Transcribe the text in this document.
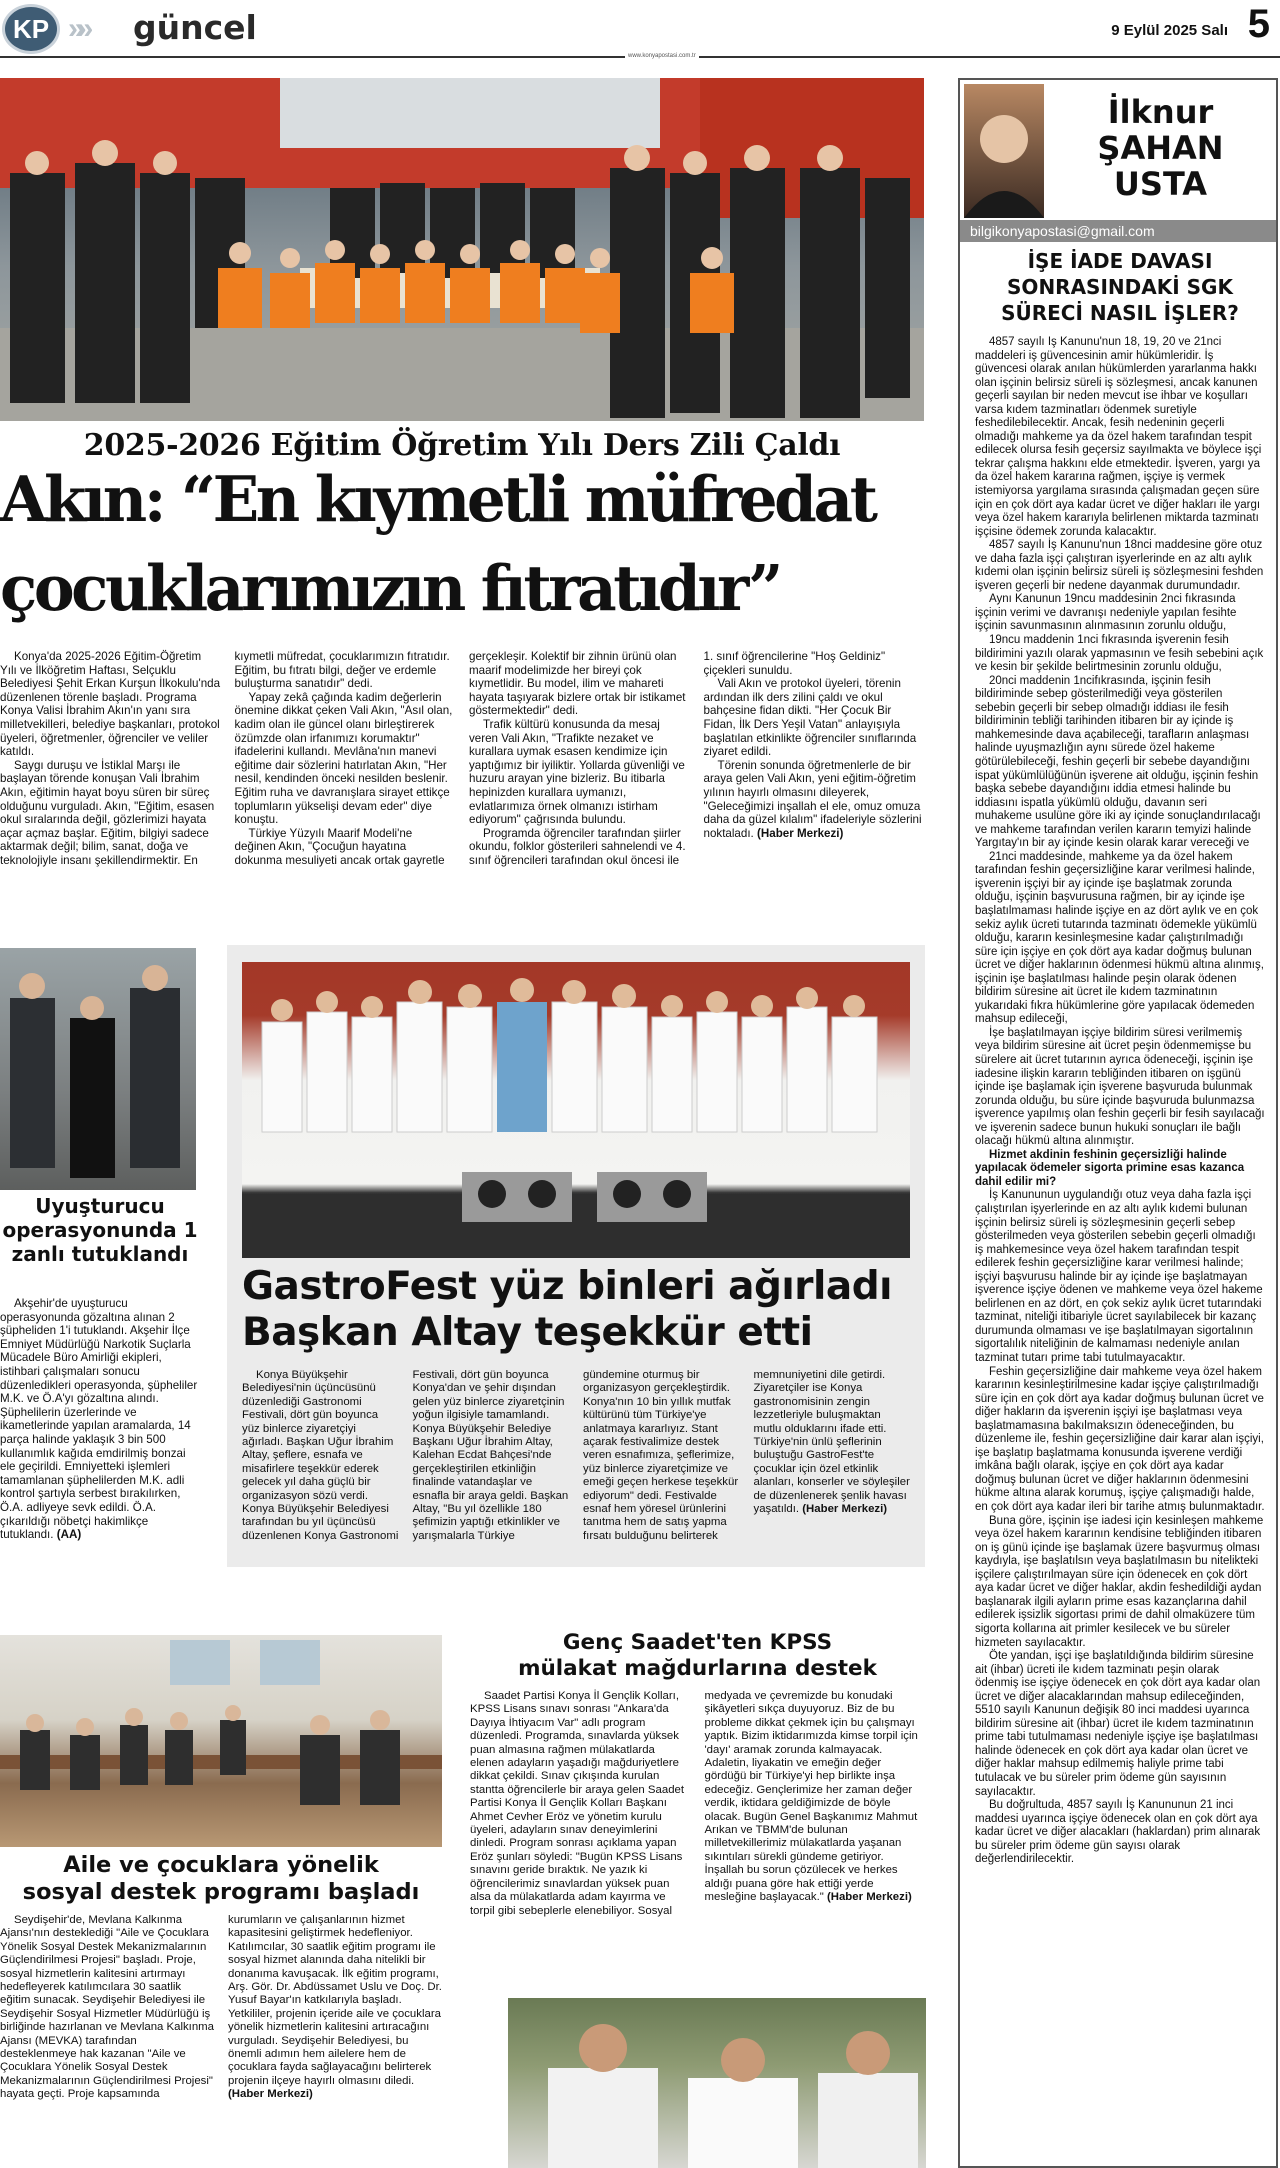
KP »» güncel	9 Eylül 2025 Salı 5
www.konyapostasi.com.tr
2025-2026 Eğitim Öğretim Yılı Ders Zili Çaldı
Akın: “En kıymetli müfredat
çocuklarımızın fıtratıdır”

Konya'da 2025-2026 Eğitim-Öğretim Yılı ve İlköğretim Haftası, Selçuklu Belediyesi Şehit Erkan Kurşun İlkokulu'nda düzenlenen törenle başladı. Programa Konya Valisi İbrahim Akın'ın yanı sıra milletvekilleri, belediye başkanları, protokol üyeleri, öğretmenler, öğrenciler ve veliler katıldı.

Saygı duruşu ve İstiklal Marşı ile başlayan törende konuşan Vali İbrahim Akın, eğitimin hayat boyu süren bir süreç olduğunu vurguladı. Akın, "Eğitim, esasen okul sıralarında değil, gözlerimizi hayata açar açmaz başlar. Eğitim, bilgiyi sadece aktarmak değil; bilim, sanat, doğa ve teknolojiyle insanı şekillendirmektir. En kıymetli müfredat, çocuklarımızın fıtratıdır. Eğitim, bu fıtratı bilgi, değer ve erdemle buluşturma sanatıdır" dedi.

Yapay zekâ çağında kadim değerlerin önemine dikkat çeken Vali Akın, "Asıl olan, kadim olan ile güncel olanı birleştirerek özümzde olan irfanımızı korumaktır" ifadelerini kullandı. Mevlâna'nın manevi eğitime dair sözlerini hatırlatan Akın, "Her nesil, kendinden önceki nesilden beslenir. Eğitim ruha ve davranışlara sirayet ettikçe toplumların yükselişi devam eder" diye konuştu.

Türkiye Yüzyılı Maarif Modeli'ne değinen Akın, "Çocuğun hayatına dokunma mesuliyeti ancak ortak gayretle gerçekleşir. Kolektif bir zihnin ürünü olan maarif modelimizde her bireyi çok kıymetlidir. Bu model, ilim ve mahareti hayata taşıyarak bizlere ortak bir istikamet göstermektedir" dedi.

Trafik kültürü konusunda da mesaj veren Vali Akın, "Trafikte nezaket ve kurallara uymak esasen kendimize için yaptığımız bir iyiliktir. Yollarda güvenliği ve huzuru arayan yine bizleriz. Bu itibarla hepinizden kurallara uymanızı, evlatlarımıza örnek olmanızı istirham ediyorum" çağrısında bulundu.

Programda öğrenciler tarafından şiirler okundu, folklor gösterileri sahnelendi ve 4. sınıf öğrencileri tarafından okul öncesi ile 1. sınıf öğrencilerine "Hoş Geldiniz" çiçekleri sunuldu.

Vali Akın ve protokol üyeleri, törenin ardından ilk ders zilini çaldı ve okul bahçesine fidan dikti. "Her Çocuk Bir Fidan, İlk Ders Yeşil Vatan" anlayışıyla başlatılan etkinlikte öğrenciler sınıflarında ziyaret edildi.

Törenin sonunda öğretmenlerle de bir araya gelen Vali Akın, yeni eğitim-öğretim yılının hayırlı olmasını dileyerek, "Geleceğimizi inşallah el ele, omuz omuza daha da güzel kılalım" ifadeleriyle sözlerini noktaladı. (Haber Merkezi)

İlknur
ŞAHAN
USTA
bilgikonyapostasi@gmail.com
İŞE İADE DAVASI SONRASINDAKİ SGK SÜRECİ NASIL İŞLER?

4857 sayılı İş Kanunu'nun 18, 19, 20 ve 21nci maddeleri iş güvencesinin amir hükümleridir. İş güvencesi olarak anılan hükümlerden yararlanma hakkı olan işçinin belirsiz süreli iş sözleşmesi, ancak kanunen geçerli sayılan bir neden mevcut ise ihbar ve koşulları varsa kıdem tazminatları ödenmek suretiyle feshedilebilecektir. Ancak, fesih nedeninin geçerli olmadığı mahkeme ya da özel hakem tarafından tespit edilecek olursa fesih geçersiz sayılmakta ve böylece işçi tekrar çalışma hakkını elde etmektedir. İşveren, yargı ya da özel hakem kararına rağmen, işçiye iş vermek istemiyorsa yargılama sırasında çalışmadan geçen süre için en çok dört aya kadar ücret ve diğer hakları ile yargı veya özel hakem kararıyla belirlenen miktarda tazminatı işçisine ödemek zorunda kalacaktır.

4857 sayılı İş Kanunu'nun 18nci maddesine göre otuz ve daha fazla işçi çalıştıran işyerlerinde en az altı aylık kıdemi olan işçinin belirsiz süreli iş sözleşmesini feshden işveren geçerli bir nedene dayanmak durumundadır.

Aynı Kanunun 19ncu maddesinin 2nci fıkrasında işçinin verimi ve davranışı nedeniyle yapılan fesihte işçinin savunmasının alınmasının zorunlu olduğu,

19ncu maddenin 1nci fıkrasında işverenin fesih bildirimini yazılı olarak yapmasının ve fesih sebebini açık ve kesin bir şekilde belirtmesinin zorunlu olduğu,

20nci maddenin 1ncifıkrasında, işçinin fesih bildiriminde sebep gösterilmediği veya gösterilen sebebin geçerli bir sebep olmadığı iddiası ile fesih bildiriminin tebliği tarihinden itibaren bir ay içinde iş mahkemesinde dava açabileceği, tarafların anlaşması halinde uyuşmazlığın aynı sürede özel hakeme götürülebileceği, feshin geçerli bir sebebe dayandığını ispat yükümlülüğünün işverene ait olduğu, işçinin feshin başka sebebe dayandığını iddia etmesi halinde bu iddiasını ispatla yükümlü olduğu, davanın seri muhakeme usulüne göre iki ay içinde sonuçlandırılacağı ve mahkeme tarafından verilen kararın temyizi halinde Yargıtay'ın bir ay içinde kesin olarak karar vereceği ve

21nci maddesinde, mahkeme ya da özel hakem tarafından feshin geçersizliğine karar verilmesi halinde, işverenin işçiyi bir ay içinde işe başlatmak zorunda olduğu, işçinin başvurusuna rağmen, bir ay içinde işe başlatılmaması halinde işçiye en az dört aylık ve en çok sekiz aylık ücreti tutarında tazminatı ödemekle yükümlü olduğu, kararın kesinleşmesine kadar çalıştırılmadığı süre için işçiye en çok dört aya kadar doğmuş bulunan ücret ve diğer haklarının ödenmesi hükmü altına alınmış, işçinin işe başlatılması halinde peşin olarak ödenen bildirim süresine ait ücret ile kıdem tazminatının yukarıdaki fıkra hükümlerine göre yapılacak ödemeden mahsup edileceği,

İşe başlatılmayan işçiye bildirim süresi verilmemiş veya bildirim süresine ait ücret peşin ödenmemişse bu sürelere ait ücret tutarının ayrıca ödeneceği, işçinin işe iadesine ilişkin kararın tebliğinden itibaren on işgünü içinde işe başlamak için işverene başvuruda bulunmak zorunda olduğu, bu süre içinde başvuruda bulunmazsa işverence yapılmış olan feshin geçerli bir fesih sayılacağı ve işverenin sadece bunun hukuki sonuçları ile bağlı olacağı hükmü altına alınmıştır.

Hizmet akdinin feshinin geçersizliği halinde yapılacak ödemeler sigorta primine esas kazanca dahil edilir mi?

İş Kanununun uygulandığı otuz veya daha fazla işçi çalıştırılan işyerlerinde en az altı aylık kıdemi bulunan işçinin belirsiz süreli iş sözleşmesinin geçerli sebep gösterilmeden veya gösterilen sebebin geçerli olmadığı iş mahkemesince veya özel hakem tarafından tespit edilerek feshin geçersizliğine karar verilmesi halinde; işçiyi başvurusu halinde bir ay içinde işe başlatmayan işverence işçiye ödenen ve mahkeme veya özel hakeme belirlenen en az dört, en çok sekiz aylık ücret tutarındaki tazminat, niteliği itibariyle ücret sayılabilecek bir kazanç durumunda olmaması ve işe başlatılmayan sigortalının sigortalılık niteliğinin de kalmaması nedeniyle anılan tazminat tutarı prime tabi tutulmayacaktır.

Feshin geçersizliğine dair mahkeme veya özel hakem kararının kesinleştirilmesine kadar işçiye çalıştırılmadığı süre için en çok dört aya kadar doğmuş bulunan ücret ve diğer hakların da işverenin işçiyi işe başlatması veya başlatmamasına bakılmaksızın ödeneceğinden, bu düzenleme ile, feshin geçersizliğine dair karar alan işçiyi, işe başlatıp başlatmama konusunda işverene verdiği imkâna bağlı olarak, işçiye en çok dört aya kadar doğmuş bulunan ücret ve diğer haklarının ödenmesini hükme altına alarak korumuş, işçiye çalışmadığı halde, en çok dört aya kadar ileri bir tarihe atmış bulunmaktadır.

Buna göre, işçinin işe iadesi için kesinleşen mahkeme veya özel hakem kararının kendisine tebliğinden itibaren on iş günü içinde işe başlamak üzere başvurmuş olması kaydıyla, işe başlatılsın veya başlatılmasın bu nitelikteki işçilere çalıştırılmayan süre için ödenecek en çok dört aya kadar ücret ve diğer haklar, akdin feshedildiği aydan başlanarak ilgili ayların prime esas kazançlarına dahil edilerek işsizlik sigortası primi de dahil olmaküzere tüm sigorta kollarına ait primler kesilecek ve bu süreler hizmeten sayılacaktır.

Öte yandan, işçi işe başlatıldığında bildirim süresine ait (ihbar) ücreti ile kıdem tazminatı peşin olarak ödenmiş ise işçiye ödenecek en çok dört aya kadar olan ücret ve diğer alacaklarından mahsup edileceğinden, 5510 sayılı Kanunun değişik 80 inci maddesi uyarınca bildirim süresine ait (ihbar) ücret ile kıdem tazminatının prime tabi tutulmaması nedeniyle işçiye işe başlatılması halinde ödenecek en çok dört aya kadar olan ücret ve diğer haklar mahsup edilmemiş haliyle prime tabi tutulacak ve bu süreler prim ödeme gün sayısının sayılacaktır.

Bu doğrultuda, 4857 sayılı İş Kanununun 21 inci maddesi uyarınca işçiye ödenecek olan en çok dört aya kadar ücret ve diğer alacakları (haklardan) prim alınarak bu süreler prim ödeme gün sayısı olarak değerlendirilecektir.

Uyuşturucu operasyonunda 1 zanlı tutuklandı

Akşehir'de uyuşturucu operasyonunda gözaltına alınan 2 şüpheliden 1'i tutuklandı. Akşehir İlçe Emniyet Müdürlüğü Narkotik Suçlarla Mücadele Büro Amirliği ekipleri, istihbari çalışmaları sonucu düzenledikleri operasyonda, şüpheliler M.K. ve Ö.A'yı gözaltına alındı. Şüphelilerin üzerlerinde ve ikametlerinde yapılan aramalarda, 14 parça halinde yaklaşık 3 bin 500 kullanımlık kağıda emdirilmiş bonzai ele geçirildi. Emniyetteki işlemleri tamamlanan şüphelilerden M.K. adli kontrol şartıyla serbest bırakılırken, Ö.A. adliyeye sevk edildi. Ö.A. çıkarıldığı nöbetçi hakimlikçe tutuklandı. (AA)

GastroFest yüz binleri ağırladı
Başkan Altay teşekkür etti

Konya Büyükşehir Belediyesi'nin üçüncüsünü düzenlediği Gastronomi Festivali, dört gün boyunca yüz binlerce ziyaretçiyi ağırladı. Başkan Uğur İbrahim Altay, şeflere, esnafa ve misafirlere teşekkür ederek gelecek yıl daha güçlü bir organizasyon sözü verdi. Konya Büyükşehir Belediyesi tarafından bu yıl üçüncüsü düzenlenen Konya Gastronomi Festivali, dört gün boyunca Konya'dan ve şehir dışından gelen yüz binlerce ziyaretçinin yoğun ilgisiyle tamamlandı. Konya Büyükşehir Belediye Başkanı Uğur İbrahim Altay, Kalehan Ecdat Bahçesi'nde gerçekleştirilen etkinliğin finalinde vatandaşlar ve esnafla bir araya geldi. Başkan Altay, "Bu yıl özellikle 180 şefimizin yaptığı etkinlikler ve yarışmalarla Türkiye gündemine oturmuş bir organizasyon gerçekleştirdik. Konya'nın 10 bin yıllık mutfak kültürünü tüm Türkiye'ye anlatmaya kararlıyız. Stant açarak festivalimize destek veren esnafımıza, şeflerimize, yüz binlerce ziyaretçimize ve emeği geçen herkese teşekkür ediyorum" dedi. Festivalde esnaf hem yöresel ürünlerini tanıtma hem de satış yapma fırsatı bulduğunu belirterek memnuniyetini dile getirdi. Ziyaretçiler ise Konya gastronomisinin zengin lezzetleriyle buluşmaktan mutlu olduklarını ifade etti. Türkiye'nin ünlü şeflerinin buluştuğu GastroFest'te çocuklar için özel etkinlik alanları, konserler ve söyleşiler de düzenlenerek şenlik havası yaşatıldı. (Haber Merkezi)

Aile ve çocuklara yönelik
sosyal destek programı başladı

Seydişehir'de, Mevlana Kalkınma Ajansı'nın desteklediği "Aile ve Çocuklara Yönelik Sosyal Destek Mekanizmalarının Güçlendirilmesi Projesi" başladı. Proje, sosyal hizmetlerin kalitesini artırmayı hedefleyerek katılımcılara 30 saatlik eğitim sunacak. Seydişehir Belediyesi ile Seydişehir Sosyal Hizmetler Müdürlüğü iş birliğinde hazırlanan ve Mevlana Kalkınma Ajansı (MEVKA) tarafından desteklenmeye hak kazanan "Aile ve Çocuklara Yönelik Sosyal Destek Mekanizmalarının Güçlendirilmesi Projesi" hayata geçti. Proje kapsamında kurumların ve çalışanlarının hizmet kapasitesini geliştirmek hedefleniyor. Katılımcılar, 30 saatlik eğitim programı ile sosyal hizmet alanında daha nitelikli bir donanıma kavuşacak. İlk eğitim programı, Arş. Gör. Dr. Abdüssamet Uslu ve Doç. Dr. Yusuf Bayar'ın katkılarıyla başladı. Yetkililer, projenin içeride aile ve çocuklara yönelik hizmetlerin kalitesini artıracağını vurguladı. Seydişehir Belediyesi, bu önemli adımın hem ailelere hem de çocuklara fayda sağlayacağını belirterek projenin ilçeye hayırlı olmasını diledi. (Haber Merkezi)

Genç Saadet'ten KPSS
mülakat mağdurlarına destek

Saadet Partisi Konya İl Gençlik Kolları, KPSS Lisans sınavı sonrası "Ankara'da Dayıya İhtiyacım Var" adlı program düzenledi. Programda, sınavlarda yüksek puan almasına rağmen mülakatlarda elenen adayların yaşadığı mağduriyetlere dikkat çekildi. Sınav çıkışında kurulan stantta öğrencilerle bir araya gelen Saadet Partisi Konya İl Gençlik Kolları Başkanı Ahmet Cevher Eröz ve yönetim kurulu üyeleri, adayların sınav deneyimlerini dinledi. Program sonrası açıklama yapan Eröz şunları söyledi: "Bugün KPSS Lisans sınavını geride bıraktık. Ne yazık ki öğrencilerimiz sınavlardan yüksek puan alsa da mülakatlarda adam kayırma ve torpil gibi sebeplerle elenebiliyor. Sosyal medyada ve çevremizde bu konudaki şikâyetleri sıkça duyuyoruz. Biz de bu probleme dikkat çekmek için bu çalışmayı yaptık. Bizim iktidarımızda kimse torpil için 'dayı' aramak zorunda kalmayacak. Adaletin, liyakatin ve emeğin değer gördüğü bir Türkiye'yi hep birlikte inşa edeceğiz. Gençlerimize her zaman değer verdik, iktidara geldiğimizde de böyle olacak. Bugün Genel Başkanımız Mahmut Arıkan ve TBMM'de bulunan milletvekillerimiz mülakatlarda yaşanan sıkıntıları sürekli gündeme getiriyor. İnşallah bu sorun çözülecek ve herkes aldığı puana göre hak ettiği yerde mesleğine başlayacak." (Haber Merkezi)
